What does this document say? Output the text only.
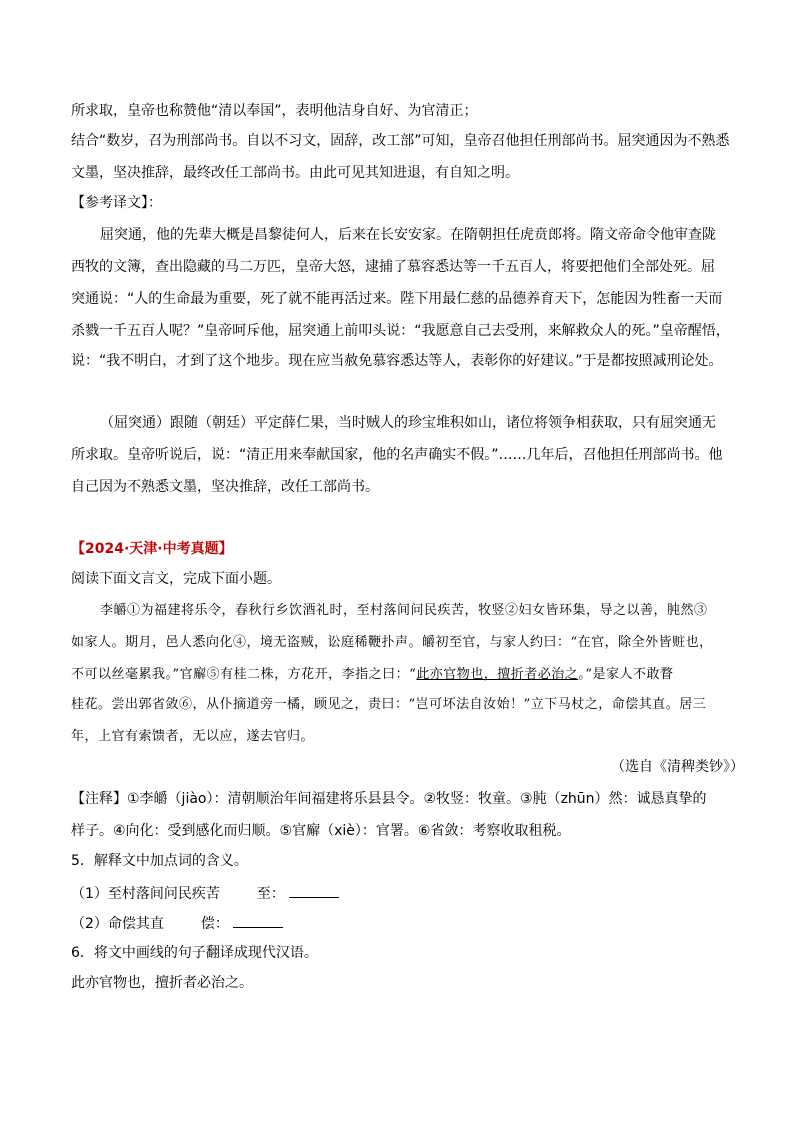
所求取，皇帝也称赞他“清以奉国”，表明他洁身自好、为官清正；
结合“数岁，召为刑部尚书。自以不习文，固辞，改工部”可知，皇帝召他担任刑部尚书。屈突通因为不熟悉
文墨，坚决推辞，最终改任工部尚书。由此可见其知进退，有自知之明。
【参考译文】：
屈突通，他的先辈大概是昌黎徒何人，后来在长安安家。在隋朝担任虎贲郎将。隋文帝命令他审查陇
西牧的文簿，查出隐藏的马二万匹，皇帝大怒，逮捕了慕容悉达等一千五百人，将要把他们全部处死。屈
突通说：“人的生命最为重要，死了就不能再活过来。陛下用最仁慈的品德养育天下，怎能因为牲畜一天而
杀戮一千五百人呢？”皇帝呵斥他，屈突通上前叩头说：“我愿意自己去受刑，来解救众人的死。”皇帝醒悟，
说：“我不明白，才到了这个地步。现在应当赦免慕容悉达等人，表彰你的好建议。”于是都按照减刑论处。
（屈突通）跟随（朝廷）平定薛仁果，当时贼人的珍宝堆积如山，诸位将领争相获取，只有屈突通无
所求取。皇帝听说后，说：“清正用来奉献国家，他的名声确实不假。”……几年后，召他担任刑部尚书。他
自己因为不熟悉文墨，坚决推辞，改任工部尚书。
【2024·天津·中考真题】
阅读下面文言文，完成下面小题。
李皭①为福建将乐令，春秋行乡饮酒礼时，至村落间问民疾苦，牧竖②妇女皆环集，导之以善，肫然③
如家人。期月，邑人悉向化④，境无盗贼，讼庭稀鞭扑声。皭初至官，与家人约曰：“在官，除全外皆赃也，
不可以丝毫累我。”官廨⑤有桂二株，方花开，李指之曰：“此亦官物也，擅折者必治之。”是家人不敢瞀
桂花。尝出郭省敛⑥，从仆摘道旁一橘，顾见之，责曰：“岂可坏法自汝始！”立下马杖之，命偿其直。居三
年，上官有索馈者，无以应，遂去官归。
（选自《清稗类钞》）
【注释】①李皭（jiào）：清朝顺治年间福建将乐县县令。②牧竖：牧童。③肫（zhūn）然：诚恳真挚的
样子。④向化：受到感化而归顺。⑤官廨（xiè）：官署。⑥省敛：考察收取租税。
5．解释文中加点词的含义。
（1）至村落间问民疾苦	至：
（2）命偿其直	偿：
6．将文中画线的句子翻译成现代汉语。
此亦官物也，擅折者必治之。
